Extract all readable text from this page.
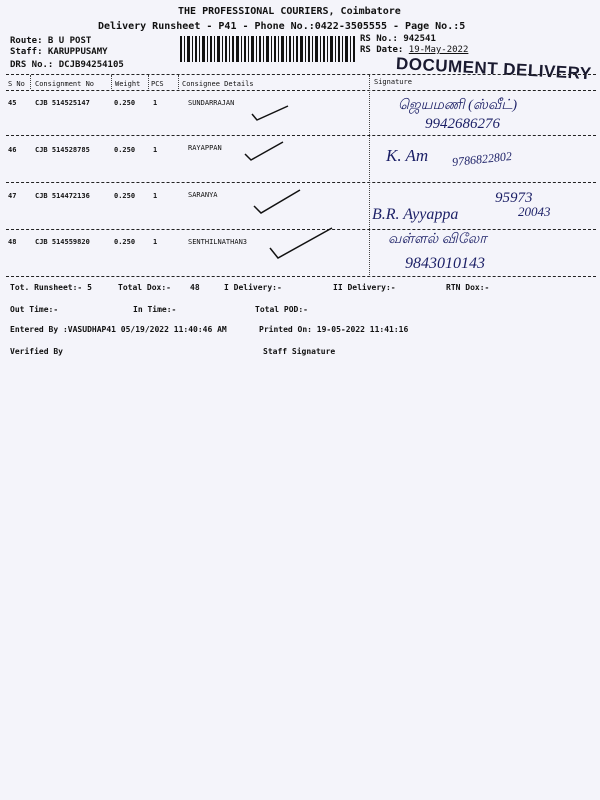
THE PROFESSIONAL COURIERS, Coimbatore
Delivery Runsheet - P41 - Phone No.:0422-3505555 - Page No.:5
Route: B U POST
Staff: KARUPPUSAMY
DRS No.: DCJB94254105
RS No.: 942541
RS Date: 19-May-2022
DOCUMENT DELIVERY
S No Consignment No	Weight PCS	Consignee Details	Signature
45	CJB 514525147	0.250	1	SUNDARRAJAN	ஜெயமணி (ஸ்வீட்)
9942686276
46	CJB 514528785	0.250	1	RAYAPPAN	K. Am 9786822802
47	CJB 514472136	0.250	1	SARANYA	95973
B.R. Ayyappa	20043
48	CJB 514559820	0.250	1	SENTHILNATHAN3	வள்ளல் விலோ
9843010143
Tot. Runsheet:- 5	Total Dox:- 48	I Delivery:-	II Delivery:-	RTN Dox:-
Out Time:-	In Time:-	Total POD:-
Entered By :VASUDHAP41 05/19/2022 11:40:46 AM	Printed On: 19-05-2022 11:41:16
Verified By	Staff Signature
